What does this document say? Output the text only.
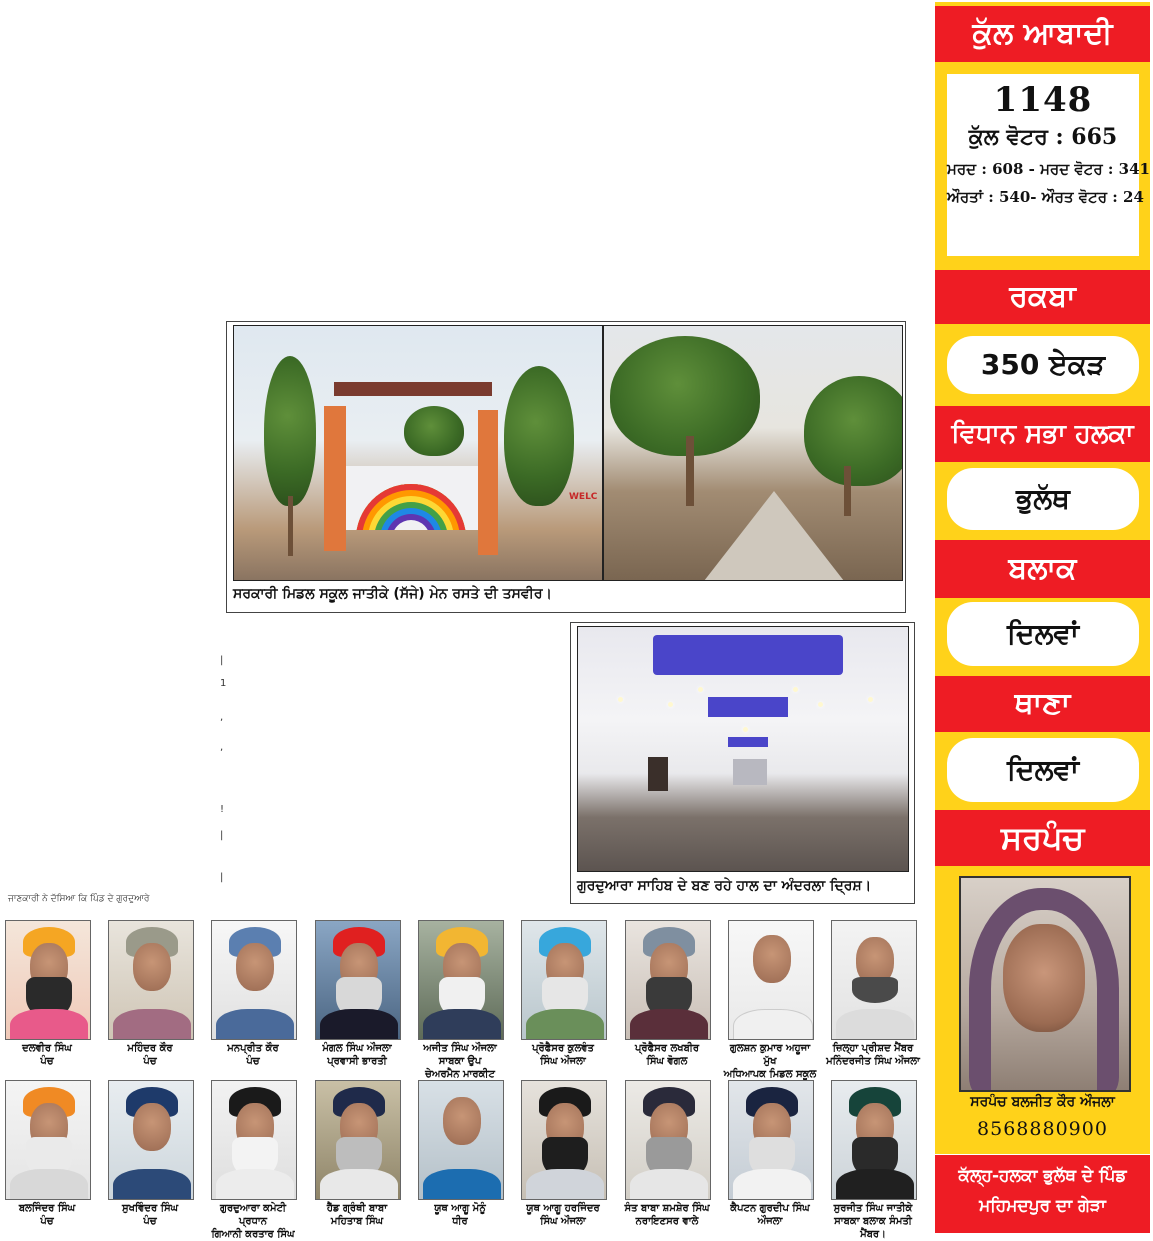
ਕੁੱਲ ਆਬਾਦੀ
1148
ਕੁੱਲ ਵੋਟਰ : 665
ਮਰਦ : 608 - ਮਰਦ ਵੋਟਰ : 341
ਔਰਤਾਂ : 540- ਔਰਤ ਵੋਟਰ : 24
ਰਕਬਾ
350 ਏਕੜ
ਵਿਧਾਨ ਸਭਾ ਹਲਕਾ
ਭੁਲੱਥ
ਬਲਾਕ
ਦਿਲਵਾਂ
ਥਾਣਾ
ਦਿਲਵਾਂ
ਸਰਪੰਚ
ਸਰਪੰਚ ਬਲਜੀਤ ਕੌਰ ਔਜਲਾ
8568880900
ਕੱਲ੍ਹ-ਹਲਕਾ ਭੁਲੱਥ ਦੇ ਪਿੰਡ
ਮਹਿਮਦਪੁਰ ਦਾ ਗੇੜਾ
WELC
ਸਰਕਾਰੀ ਮਿਡਲ ਸਕੂਲ ਜਾਤੀਕੇ (ਸੱਜੇ) ਮੇਨ ਰਸਤੇ ਦੀ ਤਸਵੀਰ।
ਗੁਰਦੁਆਰਾ ਸਾਹਿਬ ਦੇ ਬਣ ਰਹੇ ਹਾਲ ਦਾ ਅੰਦਰਲਾ ਦ੍ਰਿਸ਼।
|
1
,
,
!
|
|
ਜਾਣਕਾਰੀ ਨੇ ਦੱਸਿਆ ਕਿ ਪਿੰਡ ਦੇ ਗੁਰਦੁਆਰੇ
ਦਲਵੀਰ ਸਿੰਘ
ਪੰਚ
ਮਹਿੰਦਰ ਕੌਰ
ਪੰਚ
ਮਨਪ੍ਰੀਤ ਕੌਰ
ਪੰਚ
ਮੰਗਲ ਸਿੰਘ ਔਜਲਾ
ਪ੍ਰਵਾਸੀ ਭਾਰਤੀ
ਅਜੀਤ ਸਿੰਘ ਔਜਲਾ ਸਾਬਕਾ ਉਪ
ਚੇਅਰਮੈਨ ਮਾਰਕੀਟ
ਪ੍ਰੋਫੈਸਰ ਕੁਲਵੰਤ
ਸਿੰਘ ਔਜਲਾ
ਪ੍ਰੋਫੈਸਰ ਲਖਬੀਰ
ਸਿੰਘ ਵੋਗਲ
ਗੁਲਸ਼ਨ ਕੁਮਾਰ ਅਹੂਜਾ ਮੁੱਖ
ਅਧਿਆਪਕ ਮਿਡਲ ਸਕੂਲ
ਜ਼ਿਲ੍ਹਾ ਪ੍ਰੀਸ਼ਦ ਮੈਂਬਰ
ਮਨਿੰਦਰਜੀਤ ਸਿੰਘ ਔਜਲਾ
ਬਲਜਿੰਦਰ ਸਿੰਘ
ਪੰਚ
ਸੁਖਵਿੰਦਰ ਸਿੰਘ
ਪੰਚ
ਗੁਰਦੁਆਰਾ ਕਮੇਟੀ ਪ੍ਰਧਾਨ
ਗਿਆਨੀ ਕਰਤਾਰ ਸਿੰਘ
ਹੈੱਡ ਗ੍ਰੰਥੀ ਬਾਬਾ
ਮਹਿਤਾਬ ਸਿੰਘ
ਯੂਥ ਆਗੂ ਮੋਨੂੰ
ਧੀਰ
ਯੂਥ ਆਗੂ ਹਰਜਿੰਦਰ
ਸਿੰਘ ਔਜਲਾ
ਸੰਤ ਬਾਬਾ ਸ਼ਮਸ਼ੇਰ ਸਿੰਘ
ਨਰਾਇਣਸਰ ਵਾਲੇ
ਕੈਪਟਨ ਗੁਰਦੀਪ ਸਿੰਘ
ਔਜਲਾ
ਸੁਰਜੀਤ ਸਿੰਘ ਜਾਤੀਕੇ
ਸਾਬਕਾ ਬਲਾਕ ਸੰਮਤੀ ਮੈਂਬਰ।
